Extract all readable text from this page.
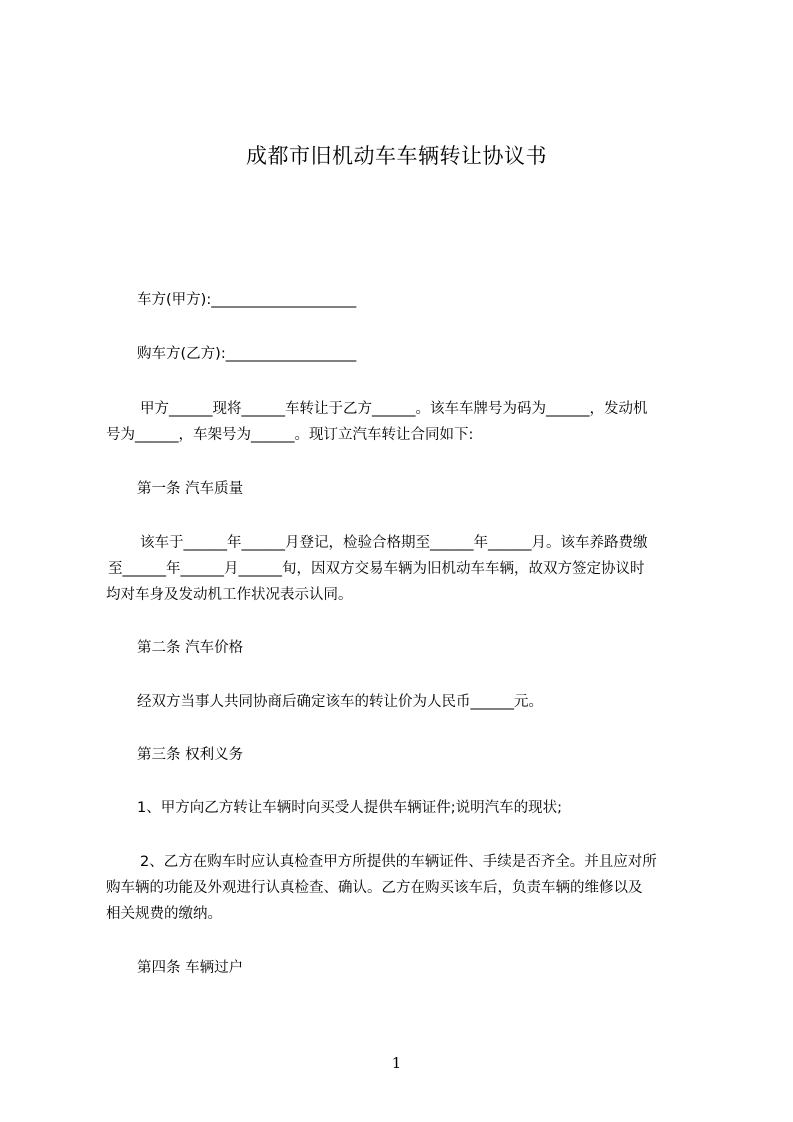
成都市旧机动车车辆转让协议书

车方(甲方):____________________

购车方(乙方):__________________

甲方______现将______车转让于乙方______。该车车牌号为码为______，发动机

号为______，车架号为______。现订立汽车转让合同如下:

第一条 汽车质量

该车于______年______月登记，检验合格期至______年______月。该车养路费缴

至______年______月______旬，因双方交易车辆为旧机动车车辆，故双方签定协议时

均对车身及发动机工作状况表示认同。

第二条 汽车价格

经双方当事人共同协商后确定该车的转让价为人民币______元。

第三条 权利义务

1、甲方向乙方转让车辆时向买受人提供车辆证件;说明汽车的现状;

2、乙方在购车时应认真检查甲方所提供的车辆证件、手续是否齐全。并且应对所

购车辆的功能及外观进行认真检查、确认。乙方在购买该车后，负责车辆的维修以及

相关规费的缴纳。

第四条 车辆过户

1
